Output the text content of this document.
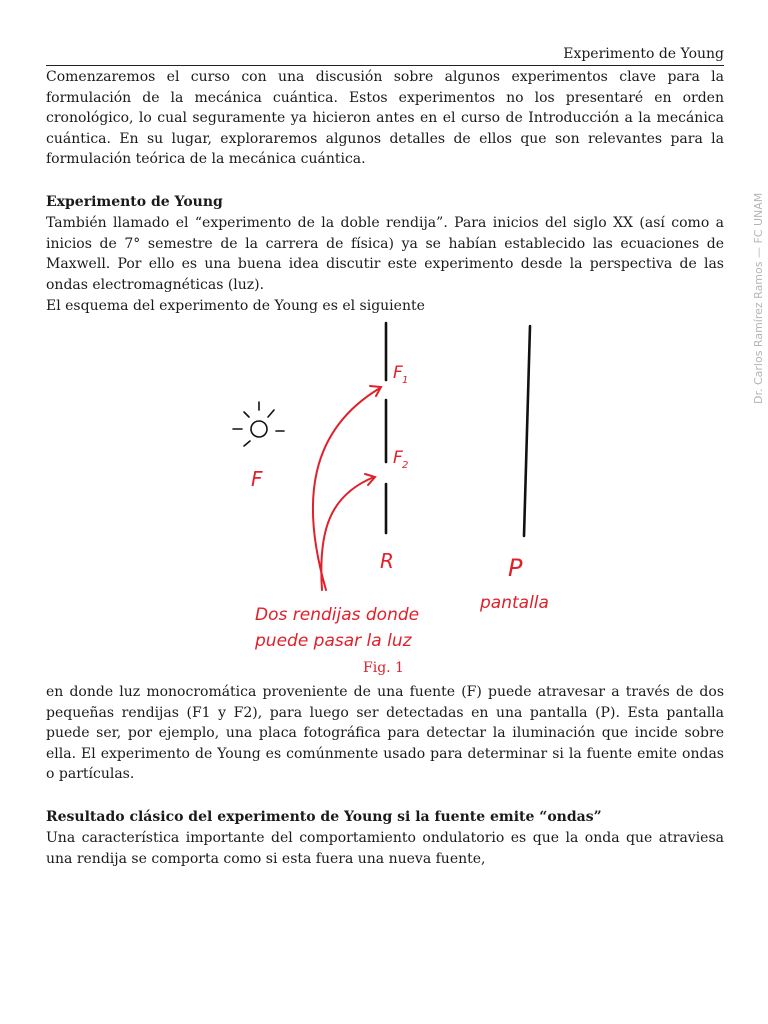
Experimento de Young

Comenzaremos el curso con una discusión sobre algunos experimentos clave para la formulación de la mecánica cuántica. Estos experimentos no los presentaré en orden cronológico, lo cual seguramente ya hicieron antes en el curso de Introducción a la mecánica cuántica. En su lugar, exploraremos algunos detalles de ellos que son relevantes para la formulación teórica de la mecánica cuántica.

Experimento de Young

También llamado el “experimento de la doble rendija”. Para inicios del siglo XX (así como a inicios de 7° semestre de la carrera de física) ya se habían establecido las ecuaciones de Maxwell. Por ello es una buena idea discutir este experimento desde la perspectiva de las ondas electromagnéticas (luz).

El esquema del experimento de Young es el siguiente	Dr. Carlos Ramírez Ramos — FC UNAM
F
F 1
F 2
R	P
pantalla
Dos rendijas donde
puede pasar la luz
Fig. 1

en donde luz monocromática proveniente de una fuente (F) puede atravesar a través de dos pequeñas rendijas (F1 y F2), para luego ser detectadas en una pantalla (P). Esta pantalla puede ser, por ejemplo, una placa fotográfica para detectar la iluminación que incide sobre ella. El experimento de Young es comúnmente usado para determinar si la fuente emite ondas o partículas.

Resultado clásico del experimento de Young si la fuente emite “ondas”

Una característica importante del comportamiento ondulatorio es que la onda que atraviesa una rendija se comporta como si esta fuera una nueva fuente,
